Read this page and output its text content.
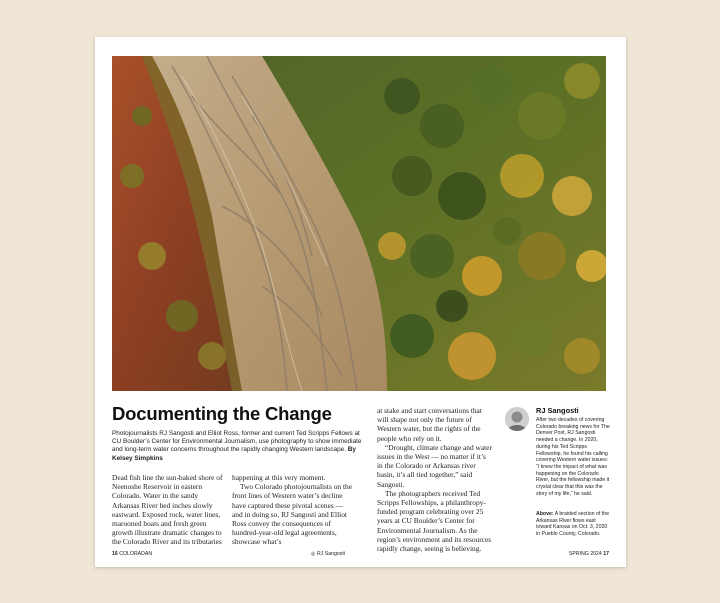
Documenting the Change

Photojournalists RJ Sangosti and Elliot Ross, former and current Ted Scripps Fellows at CU Boulder’s Center for Environmental Journalism, use photography to show immediate and long-term water concerns throughout the rapidly changing Western landscape. By Kelsey Simpkins

Dead fish line the sun-baked shore of Neenoshe Reservoir in eastern Colorado. Water in the sandy Arkansas River bed inches slowly eastward. Exposed rock, water lines, marooned boats and fresh green growth illustrate dramatic changes to the Colorado River and its tributaries

happening at this very moment.

Two Colorado photojournalists on the front lines of Western water’s decline have captured these pivotal scenes — and in doing so, RJ Sangosti and Elliot Ross convey the consequences of hundred-year-old legal agreements, showcase what’s

at stake and start conversations that will shape not only the future of Western water, but the rights of the people who rely on it.

“Drought, climate change and water issues in the West — no matter if it’s in the Colorado or Arkansas river basin, it’s all tied together,” said Sangosti.

The photographers received Ted Scripps Fellowships, a philanthropy-funded program celebrating over 25 years at CU Boulder’s Center for Environmental Journalism. As the region’s environment and its resources rapidly change, seeing is believing.

RJ Sangosti

After two decades of covering Colorado breaking news for The Denver Post, RJ Sangosti needed a change. In 2020, during his Ted Scripps Fellowship, he found his calling covering Western water issues: “I knew the impact of what was happening on the Colorado River, but the fellowship made it crystal clear that this was the story of my life,” he said.

Above: A braided section of the Arkansas River flows east toward Kansas on Oct. 3, 2020 in Pueblo County, Colorado.

16 COLORADAN	◎ RJ Sangosti	SPRING 2024 17
